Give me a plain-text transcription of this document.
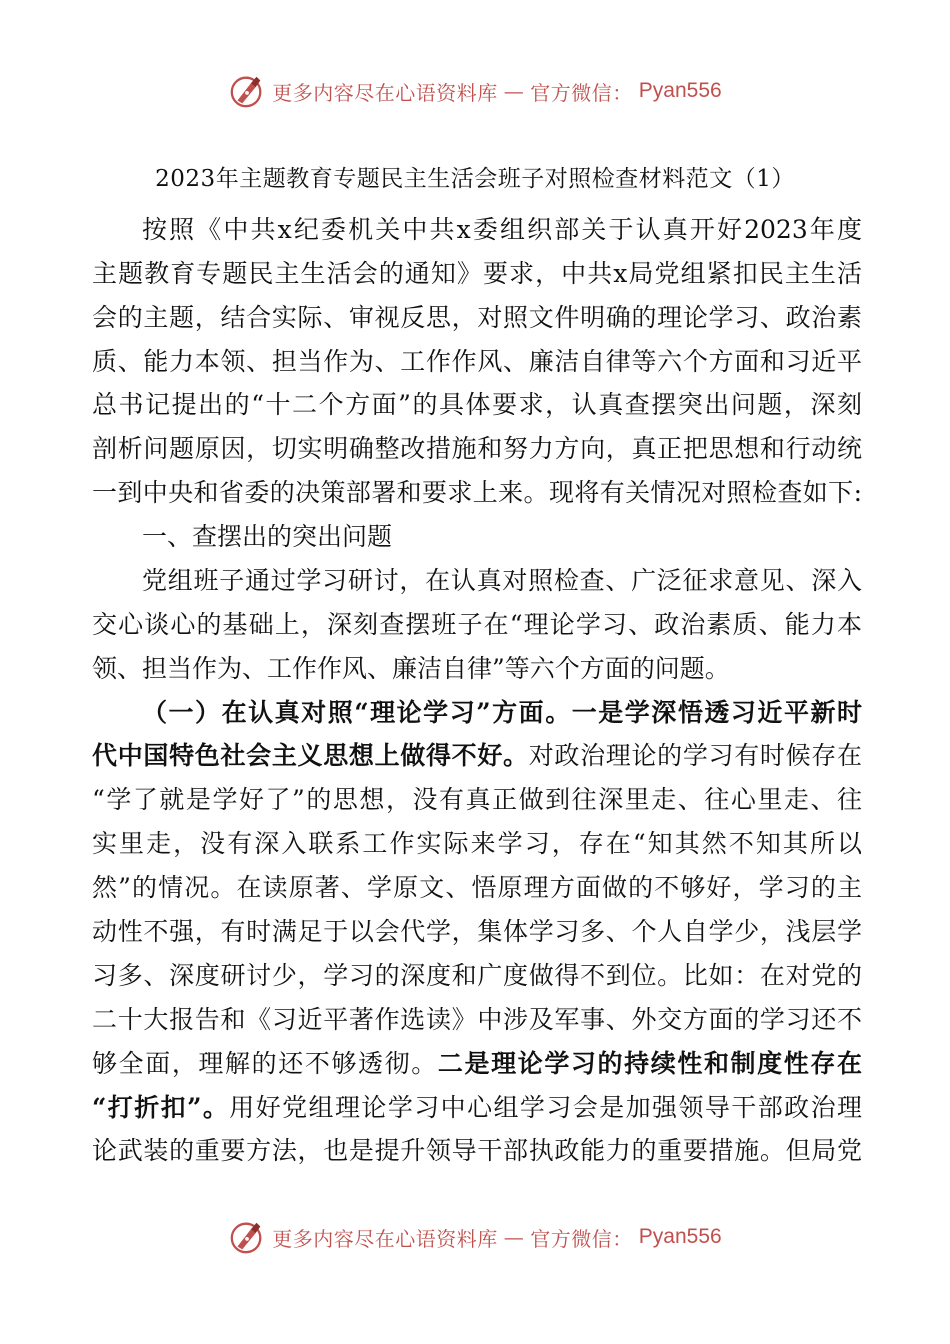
更多内容尽在心语资料库 — 官方微信： Pyan556
2023年主题教育专题民主生活会班子对照检查材料范文（1）
按照《中共x纪委机关中共x委组织部关于认真开好2023年度
主题教育专题民主生活会的通知》要求，中共x局党组紧扣民主生活
会的主题，结合实际、审视反思，对照文件明确的理论学习、政治素
质、能力本领、担当作为、工作作风、廉洁自律等六个方面和习近平
总书记提出的“十二个方面”的具体要求，认真查摆突出问题，深刻
剖析问题原因，切实明确整改措施和努力方向，真正把思想和行动统
一到中央和省委的决策部署和要求上来。现将有关情况对照检查如下:
一、查摆出的突出问题
党组班子通过学习研讨，在认真对照检查、广泛征求意见、深入
交心谈心的基础上，深刻查摆班子在“理论学习、政治素质、能力本
领、担当作为、工作作风、廉洁自律”等六个方面的问题。
（一）在认真对照“理论学习”方面。一是学深悟透习近平新时
代中国特色社会主义思想上做得不好。对政治理论的学习有时候存在
“学了就是学好了”的思想，没有真正做到往深里走、往心里走、往
实里走，没有深入联系工作实际来学习，存在“知其然不知其所以
然”的情况。在读原著、学原文、悟原理方面做的不够好，学习的主
动性不强，有时满足于以会代学，集体学习多、个人自学少，浅层学
习多、深度研讨少，学习的深度和广度做得不到位。比如：在对党的
二十大报告和《习近平著作选读》中涉及军事、外交方面的学习还不
够全面，理解的还不够透彻。二是理论学习的持续性和制度性存在
“打折扣”。用好党组理论学习中心组学习会是加强领导干部政治理
论武装的重要方法，也是提升领导干部执政能力的重要措施。但局党
更多内容尽在心语资料库 — 官方微信： Pyan556
